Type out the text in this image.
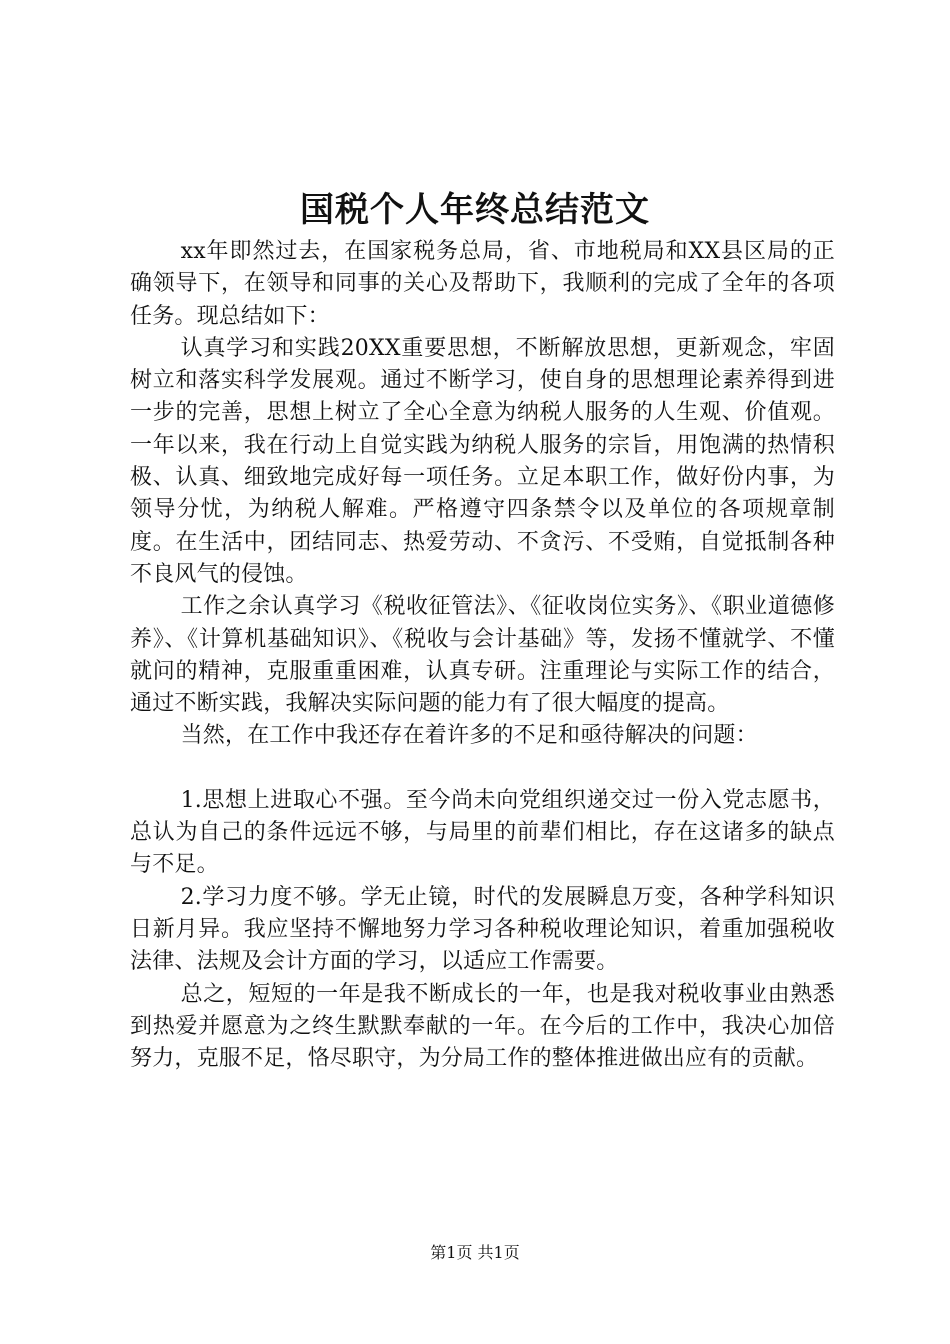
国税个人年终总结范文

xx年即然过去，在国家税务总局，省、市地税局和XX县区局的正确领导下，在领导和同事的关心及帮助下，我顺利的完成了全年的各项任务。现总结如下：

认真学习和实践20XX重要思想，不断解放思想，更新观念，牢固树立和落实科学发展观。通过不断学习，使自身的思想理论素养得到进一步的完善，思想上树立了全心全意为纳税人服务的人生观、价值观。一年以来，我在行动上自觉实践为纳税人服务的宗旨，用饱满的热情积极、认真、细致地完成好每一项任务。立足本职工作，做好份内事，为领导分忧，为纳税人解难。严格遵守四条禁令以及单位的各项规章制度。在生活中，团结同志、热爱劳动、不贪污、不受贿，自觉抵制各种不良风气的侵蚀。

工作之余认真学习《税收征管法》、《征收岗位实务》、《职业道德修养》、《计算机基础知识》、《税收与会计基础》等，发扬不懂就学、不懂就问的精神，克服重重困难，认真专研。注重理论与实际工作的结合，通过不断实践，我解决实际问题的能力有了很大幅度的提高。

当然，在工作中我还存在着许多的不足和亟待解决的问题：

1.思想上进取心不强。至今尚未向党组织递交过一份入党志愿书，总认为自己的条件远远不够，与局里的前辈们相比，存在这诸多的缺点与不足。

2.学习力度不够。学无止镜，时代的发展瞬息万变，各种学科知识日新月异。我应坚持不懈地努力学习各种税收理论知识，着重加强税收法律、法规及会计方面的学习，以适应工作需要。

总之，短短的一年是我不断成长的一年，也是我对税收事业由熟悉到热爱并愿意为之终生默默奉献的一年。在今后的工作中，我决心加倍努力，克服不足，恪尽职守，为分局工作的整体推进做出应有的贡献。

第1页 共1页
